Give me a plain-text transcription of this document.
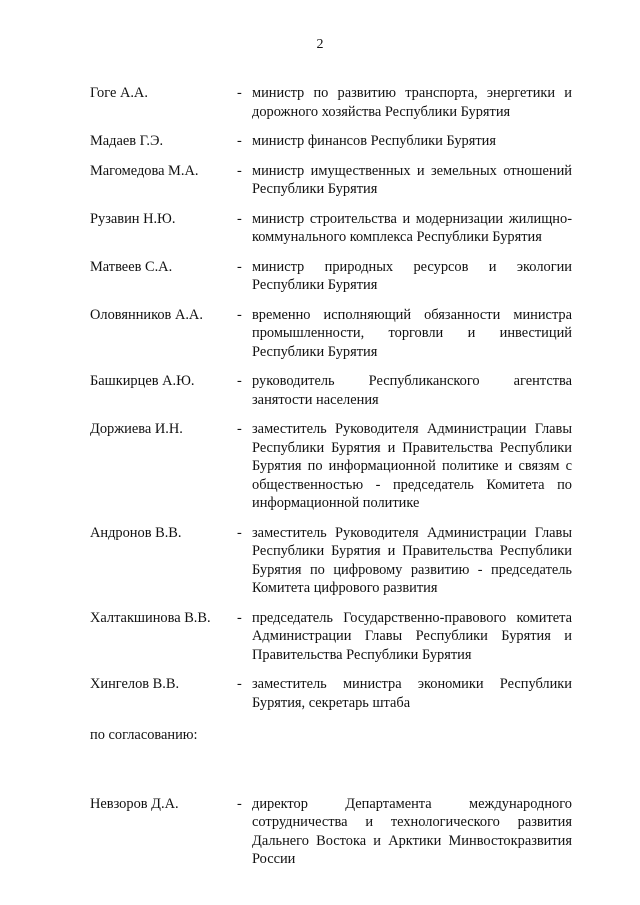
2
Гоге А.А.	- министр по развитию транспорта, энергетики и дорожного хозяйства Республики Бурятия
Мадаев Г.Э.	- министр финансов Республики Бурятия
Магомедова М.А.	- министр имущественных и земельных отношений Республики Бурятия
Рузавин Н.Ю.	- министр строительства и модернизации жилищно-коммунального комплекса Республики Бурятия
Матвеев С.А.	- министр природных ресурсов и экологии Республики Бурятия
Оловянников А.А. - временно исполняющий обязанности министра промышленности, торговли и инвестиций Республики Бурятия
Башкирцев А.Ю.	- руководитель Республиканского агентства занятости населения
Доржиева И.Н.	- заместитель Руководителя Администрации Главы Республики Бурятия и Правительства Республики Бурятия по информационной политике и связям с общественностью - председатель Комитета по информационной политике
Андронов В.В.	- заместитель Руководителя Администрации Главы Республики Бурятия и Правительства Республики Бурятия по цифровому развитию - председатель Комитета цифрового развития
Халтакшинова В.В. - председатель Государственно-правового комитета Администрации Главы Республики Бурятия и Правительства Республики Бурятия
Хингелов В.В.	- заместитель министра экономики Республики Бурятия, секретарь штаба
по согласованию:
Невзоров Д.А.	- директор Департамента международного сотрудничества и технологического развития Дальнего Востока и Арктики Минвостокразвития России
